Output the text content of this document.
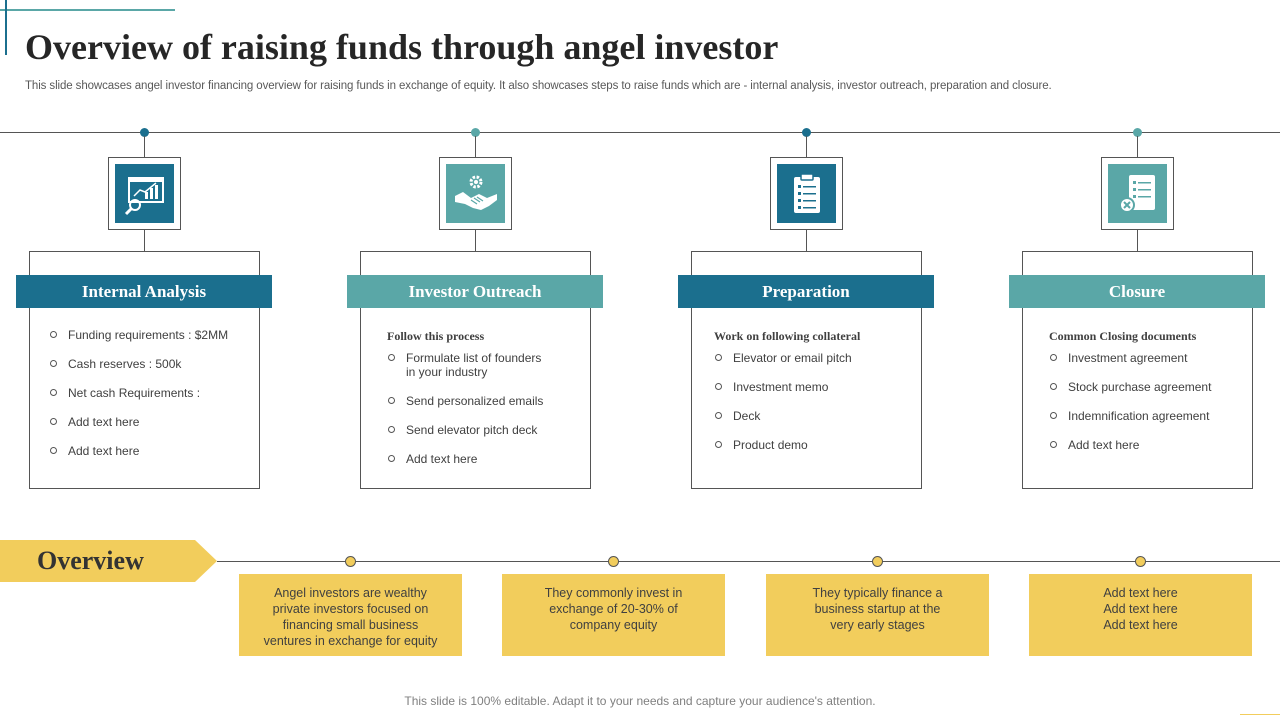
Overview of raising funds through angel investor

This slide showcases angel investor financing overview for raising funds in exchange of equity. It also showcases steps to raise funds which are - internal analysis, investor outreach, preparation and closure.

Internal Analysis
Funding requirements : $2MM
Cash reserves : 500k
Net cash Requirements :
Add text here
Add text here
Investor Outreach
Follow this process
Formulate list of founders
in your industry
Send personalized emails
Send elevator pitch deck
Add text here
Preparation
Work on following collateral
Elevator or email pitch
Investment memo
Deck
Product demo
Closure
Common Closing documents
Investment agreement
Stock purchase agreement
Indemnification agreement
Add text here
Overview
Angel investors are wealthy
private investors focused on
financing small business
ventures in exchange for equity
They commonly invest in
exchange of 20-30% of
company equity
They typically finance a
business startup at the
very early stages
Add text here
Add text here
Add text here
This slide is 100% editable. Adapt it to your needs and capture your audience's attention.
